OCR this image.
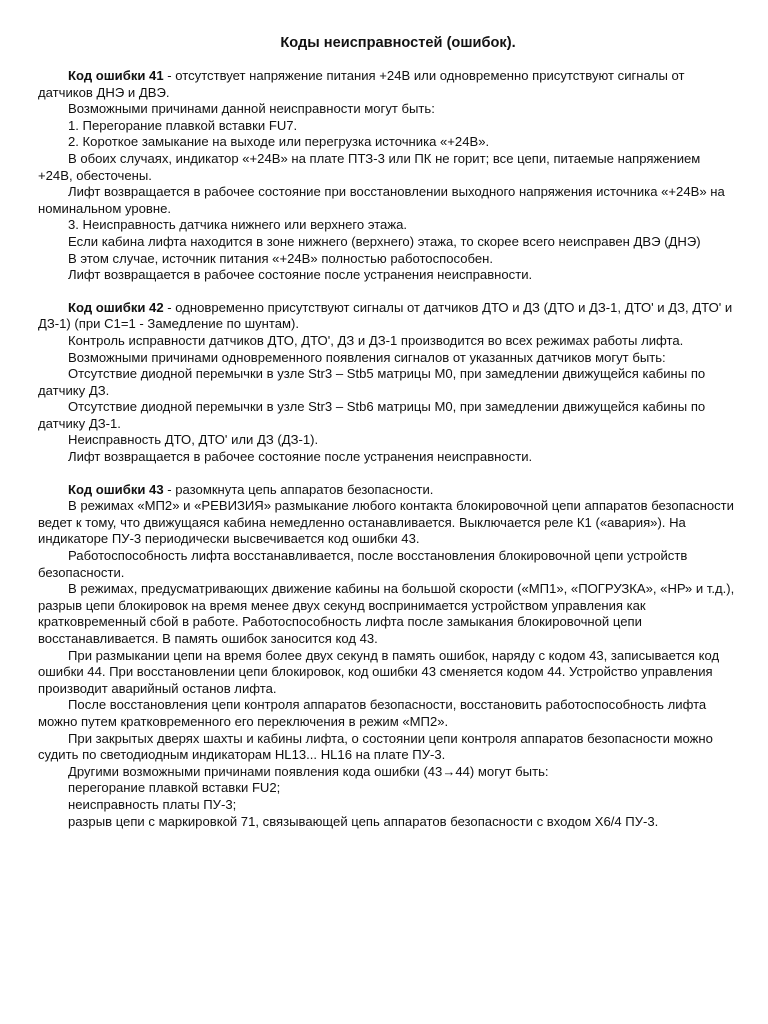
Коды неисправностей (ошибок).

Код ошибки 41 - отсутствует напряжение питания +24В или одновременно присутствуют сигналы от датчиков ДНЭ и ДВЭ.

Возможными причинами данной неисправности могут быть:

1. Перегорание плавкой вставки FU7.

2. Короткое замыкание на выходе или перегрузка источника «+24В».

В обоих случаях, индикатор «+24В» на плате ПТЗ-3 или ПК не горит; все цепи, питаемые напряжением +24В, обесточены.

Лифт возвращается в рабочее состояние при восстановлении выходного напряжения источника «+24В» на номинальном уровне.

3. Неисправность датчика нижнего или верхнего этажа.

Если кабина лифта находится в зоне нижнего (верхнего) этажа, то скорее всего неисправен ДВЭ (ДНЭ)

В этом случае, источник питания «+24В» полностью работоспособен.

Лифт возвращается в рабочее состояние после устранения неисправности.

Код ошибки 42 - одновременно присутствуют сигналы от датчиков ДТО и ДЗ (ДТО и ДЗ-1, ДТО' и ДЗ, ДТО' и ДЗ-1) (при С1=1 - Замедление по шунтам).

Контроль исправности датчиков ДТО, ДТО', ДЗ и ДЗ-1 производится во всех режимах работы лифта.

Возможными причинами одновременного появления сигналов от указанных датчиков могут быть:

Отсутствие диодной перемычки в узле Str3 – Stb5 матрицы М0, при замедлении движущейся кабины по датчику ДЗ.

Отсутствие диодной перемычки в узле Str3 – Stb6 матрицы М0, при замедлении движущейся кабины по датчику ДЗ-1.

Неисправность ДТО, ДТО' или ДЗ (ДЗ-1).

Лифт возвращается в рабочее состояние после устранения неисправности.

Код ошибки 43 - разомкнута цепь аппаратов безопасности.

В режимах «МП2» и «РЕВИЗИЯ» размыкание любого контакта блокировочной цепи аппаратов безопасности ведет к тому, что движущаяся кабина немедленно останавливается. Выключается реле К1 («авария»). На индикаторе ПУ-3 периодически высвечивается код ошибки 43.

Работоспособность лифта восстанавливается, после восстановления блокировочной цепи устройств безопасности.

В режимах, предусматривающих движение кабины на большой скорости («МП1», «ПОГРУЗКА», «НР» и т.д.), разрыв цепи блокировок на время менее двух секунд воспринимается устройством управления как кратковременный сбой в работе. Работоспособность лифта после замыкания блокировочной цепи восстанавливается. В память ошибок заносится код 43.

При размыкании цепи на время более двух секунд в память ошибок, наряду с кодом 43, записывается код ошибки 44. При восстановлении цепи блокировок, код ошибки 43 сменяется кодом 44. Устройство управления производит аварийный останов лифта.

После восстановления цепи контроля аппаратов безопасности, восстановить работоспособность лифта можно путем кратковременного его переключения в режим «МП2».

При закрытых дверях шахты и кабины лифта, о состоянии цепи контроля аппаратов безопасности можно судить по светодиодным индикаторам HL13... HL16 на плате ПУ-3.

Другими возможными причинами появления кода ошибки (43→44) могут быть:

перегорание плавкой вставки FU2;

неисправность платы ПУ-3;

разрыв цепи с маркировкой 71, связывающей цепь аппаратов безопасности с входом Х6/4 ПУ-3.
